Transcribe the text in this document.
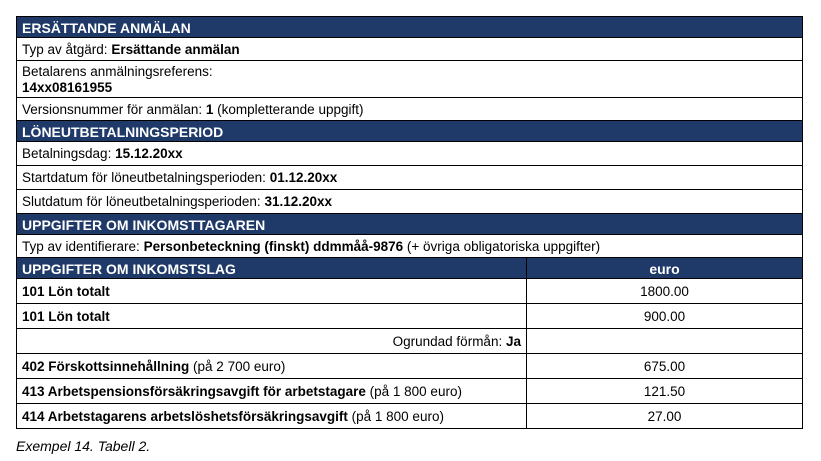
ERSÄTTANDE ANMÄLAN	
Typ av åtgärd: Ersättande anmälan	

Betalarens anmälningsreferens:
14xx08161955	

Versionsnummer för anmälan: 1 (kompletterande uppgift)	
LÖNEUTBETALNINGSPERIOD	
Betalningsdag: 15.12.20xx	
Startdatum för löneutbetalningsperioden: 01.12.20xx	
Slutdatum för löneutbetalningsperioden: 31.12.20xx	
UPPGIFTER OM INKOMSTTAGAREN	
Typ av identifierare: Personbeteckning (finskt) ddmmåå-9876 (+ övriga obligatoriska uppgifter)	
UPPGIFTER OM INKOMSTSLAG	euro
101 Lön totalt	1800.00
101 Lön totalt	900.00
Ogrundad förmån: Ja	
402 Förskottsinnehållning (på 2 700 euro)	675.00
413 Arbetspensionsförsäkringsavgift för arbetstagare (på 1 800 euro)	121.50
414 Arbetstagarens arbetslöshetsförsäkringsavgift (på 1 800 euro)	27.00
Exempel 14. Tabell 2.
